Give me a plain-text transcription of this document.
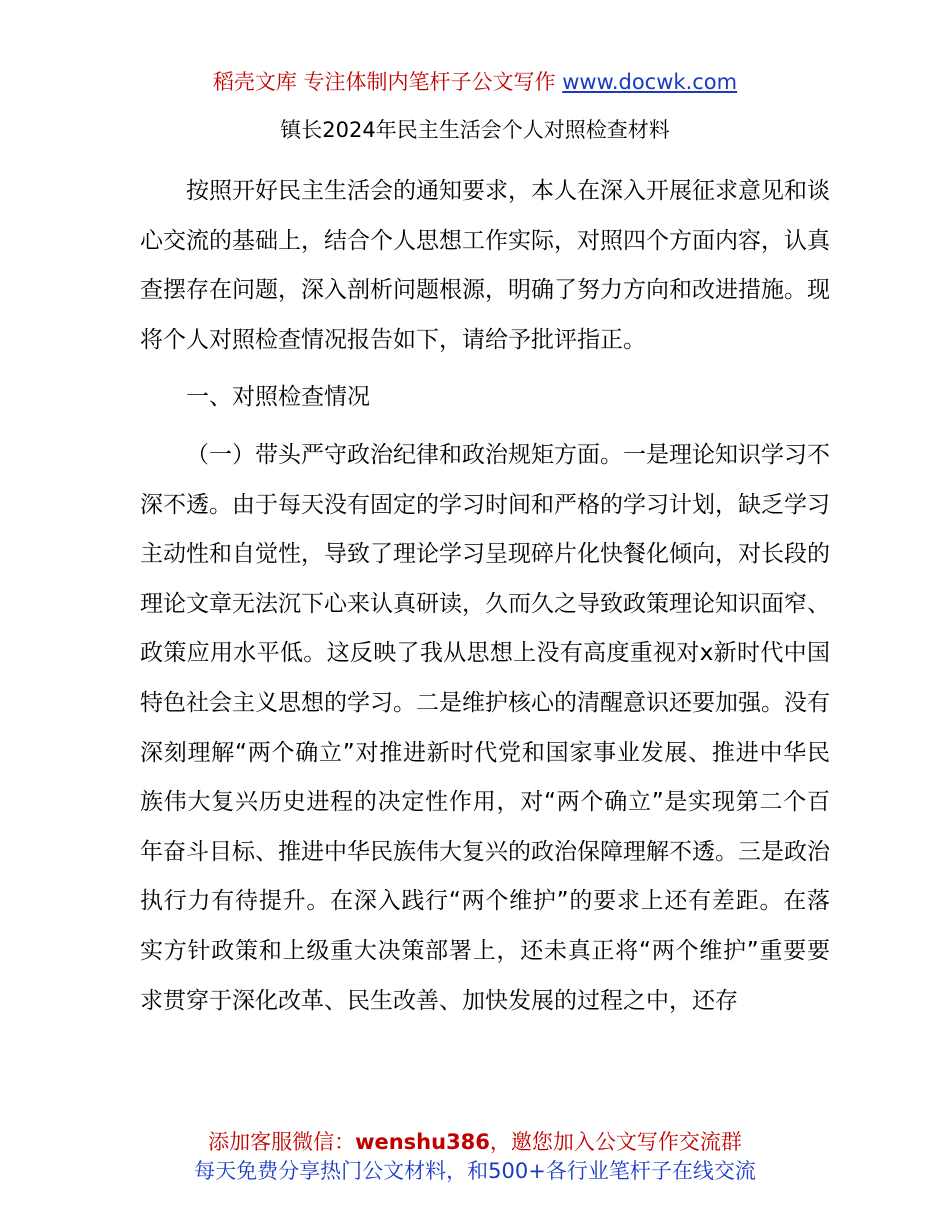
稻壳文库 专注体制内笔杆子公文写作 www.docwk.com
镇长2024年民主生活会个人对照检查材料

按照开好民主生活会的通知要求，本人在深入开展征求意见和谈心交流的基础上，结合个人思想工作实际，对照四个方面内容，认真查摆存在问题，深入剖析问题根源，明确了努力方向和改进措施。现将个人对照检查情况报告如下，请给予批评指正。

一、对照检查情况

（一）带头严守政治纪律和政治规矩方面。一是理论知识学习不深不透。由于每天没有固定的学习时间和严格的学习计划，缺乏学习主动性和自觉性，导致了理论学习呈现碎片化快餐化倾向，对长段的理论文章无法沉下心来认真研读，久而久之导致政策理论知识面窄、政策应用水平低。这反映了我从思想上没有高度重视对x新时代中国特色社会主义思想的学习。二是维护核心的清醒意识还要加强。没有深刻理解“两个确立”对推进新时代党和国家事业发展、推进中华民族伟大复兴历史进程的决定性作用，对“两个确立”是实现第二个百年奋斗目标、推进中华民族伟大复兴的政治保障理解不透。三是政治执行力有待提升。在深入践行“两个维护”的要求上还有差距。在落实方针政策和上级重大决策部署上，还未真正将“两个维护”重要要求贯穿于深化改革、民生改善、加快发展的过程之中，还存

添加客服微信：wenshu386，邀您加入公文写作交流群
每天免费分享热门公文材料，和500+各行业笔杆子在线交流
